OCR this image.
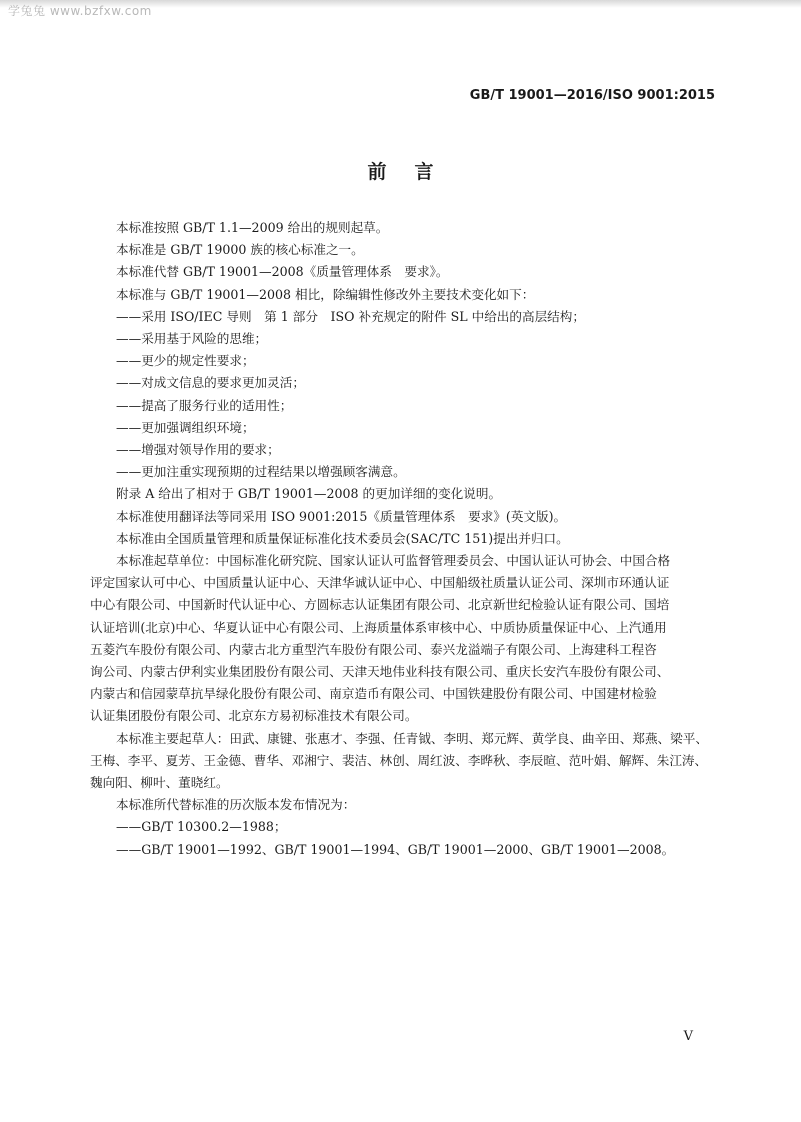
学兔兔 www.bzfxw.com
GB/T 19001—2016/ISO 9001:2015
前言
本标准按照 GB/T 1.1—2009 给出的规则起草。
本标准是 GB/T 19000 族的核心标准之一。
本标准代替 GB/T 19001—2008《质量管理体系　要求》。
本标准与 GB/T 19001—2008 相比，除编辑性修改外主要技术变化如下：
——采用 ISO/IEC 导则　第 1 部分　ISO 补充规定的附件 SL 中给出的高层结构；
——采用基于风险的思维；
——更少的规定性要求；
——对成文信息的要求更加灵活；
——提高了服务行业的适用性；
——更加强调组织环境；
——增强对领导作用的要求；
——更加注重实现预期的过程结果以增强顾客满意。
附录 A 给出了相对于 GB/T 19001—2008 的更加详细的变化说明。
本标准使用翻译法等同采用 ISO 9001:2015《质量管理体系　要求》(英文版)。
本标准由全国质量管理和质量保证标准化技术委员会(SAC/TC 151)提出并归口。
本标准起草单位：中国标准化研究院、国家认证认可监督管理委员会、中国认证认可协会、中国合格
评定国家认可中心、中国质量认证中心、天津华诚认证中心、中国船级社质量认证公司、深圳市环通认证
中心有限公司、中国新时代认证中心、方圆标志认证集团有限公司、北京新世纪检验认证有限公司、国培
认证培训(北京)中心、华夏认证中心有限公司、上海质量体系审核中心、中质协质量保证中心、上汽通用
五菱汽车股份有限公司、内蒙古北方重型汽车股份有限公司、泰兴龙溢端子有限公司、上海建科工程咨
询公司、内蒙古伊利实业集团股份有限公司、天津天地伟业科技有限公司、重庆长安汽车股份有限公司、
内蒙古和信园蒙草抗旱绿化股份有限公司、南京造币有限公司、中国铁建股份有限公司、中国建材检验
认证集团股份有限公司、北京东方易初标准技术有限公司。
本标准主要起草人：田武、康键、张惠才、李强、任青钺、李明、郑元辉、黄学良、曲辛田、郑燕、梁平、
王梅、李平、夏芳、王金德、曹华、邓湘宁、裴洁、林创、周红波、李晔秋、李辰暄、范叶娟、解辉、朱江涛、
魏向阳、柳叶、董晓红。
本标准所代替标准的历次版本发布情况为：
——GB/T 10300.2—1988；
——GB/T 19001—1992、GB/T 19001—1994、GB/T 19001—2000、GB/T 19001—2008。
V
